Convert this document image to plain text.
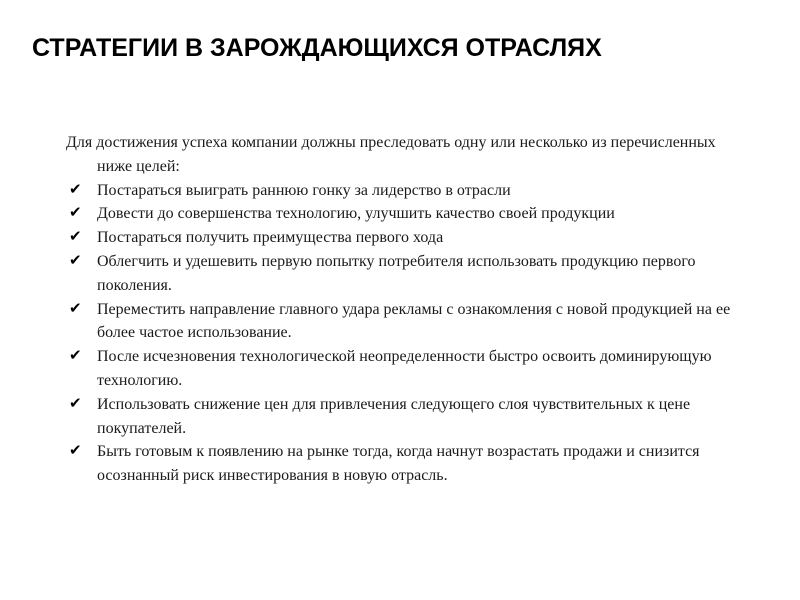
СТРАТЕГИИ В ЗАРОЖДАЮЩИХСЯ ОТРАСЛЯХ

Для достижения успеха компании должны преследовать одну или несколько из перечисленных ниже целей:

✔ Постараться выиграть раннюю гонку за лидерство в отрасли
✔ Довести до совершенства технологию, улучшить качество своей продукции
✔ Постараться получить преимущества первого хода
✔ Облегчить и удешевить первую попытку потребителя использовать продукцию первого поколения.
✔ Переместить направление главного удара рекламы с ознакомления с новой продукцией на ее более частое использование.
✔ После исчезновения технологической неопределенности быстро освоить доминирующую технологию.
✔ Использовать снижение цен для привлечения следующего слоя чувствительных к цене покупателей.
✔ Быть готовым к появлению на рынке тогда, когда начнут возрастать продажи и снизится осознанный риск инвестирования в новую отрасль.
